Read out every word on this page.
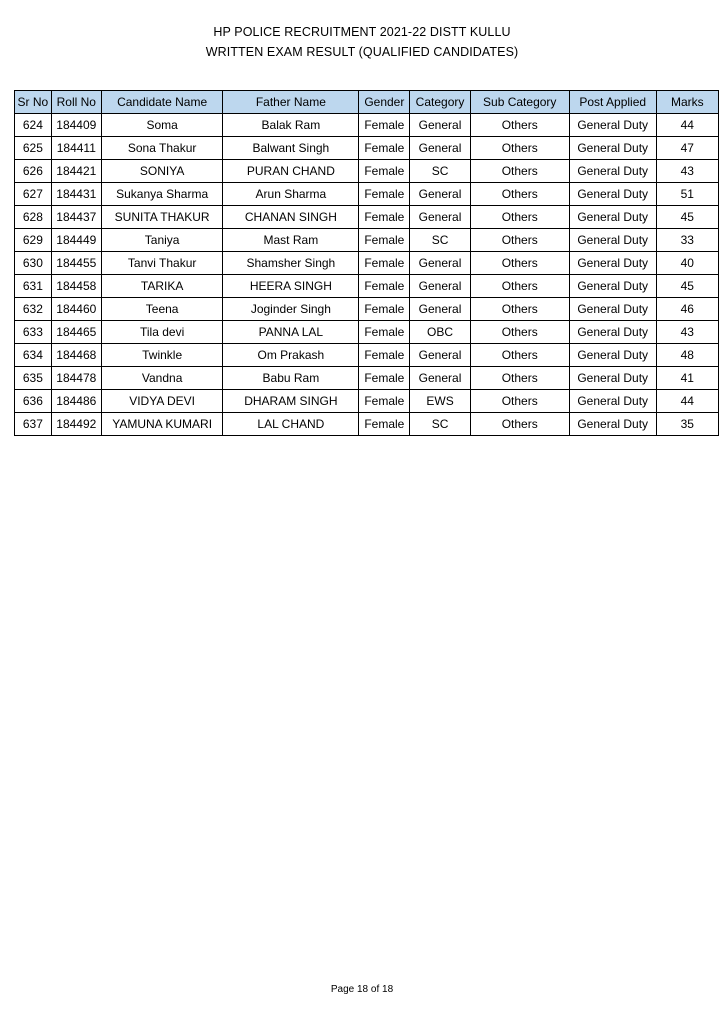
HP POLICE RECRUITMENT 2021-22 DISTT KULLU
WRITTEN EXAM RESULT (QUALIFIED CANDIDATES)
Sr No	Roll No	Candidate Name	Father Name	Gender	Category	Sub Category	Post Applied	Marks
624	184409	Soma	Balak Ram	Female	General	Others	General Duty	44
625	184411	Sona Thakur	Balwant Singh	Female	General	Others	General Duty	47
626	184421	SONIYA	PURAN CHAND	Female	SC	Others	General Duty	43
627	184431	Sukanya Sharma	Arun Sharma	Female	General	Others	General Duty	51
628	184437	SUNITA THAKUR	CHANAN SINGH	Female	General	Others	General Duty	45
629	184449	Taniya	Mast Ram	Female	SC	Others	General Duty	33
630	184455	Tanvi Thakur	Shamsher Singh	Female	General	Others	General Duty	40
631	184458	TARIKA	HEERA SINGH	Female	General	Others	General Duty	45
632	184460	Teena	Joginder Singh	Female	General	Others	General Duty	46
633	184465	Tila devi	PANNA LAL	Female	OBC	Others	General Duty	43
634	184468	Twinkle	Om Prakash	Female	General	Others	General Duty	48
635	184478	Vandna	Babu Ram	Female	General	Others	General Duty	41
636	184486	VIDYA DEVI	DHARAM SINGH	Female	EWS	Others	General Duty	44
637	184492	YAMUNA KUMARI	LAL CHAND	Female	SC	Others	General Duty	35
Page 18 of 18
